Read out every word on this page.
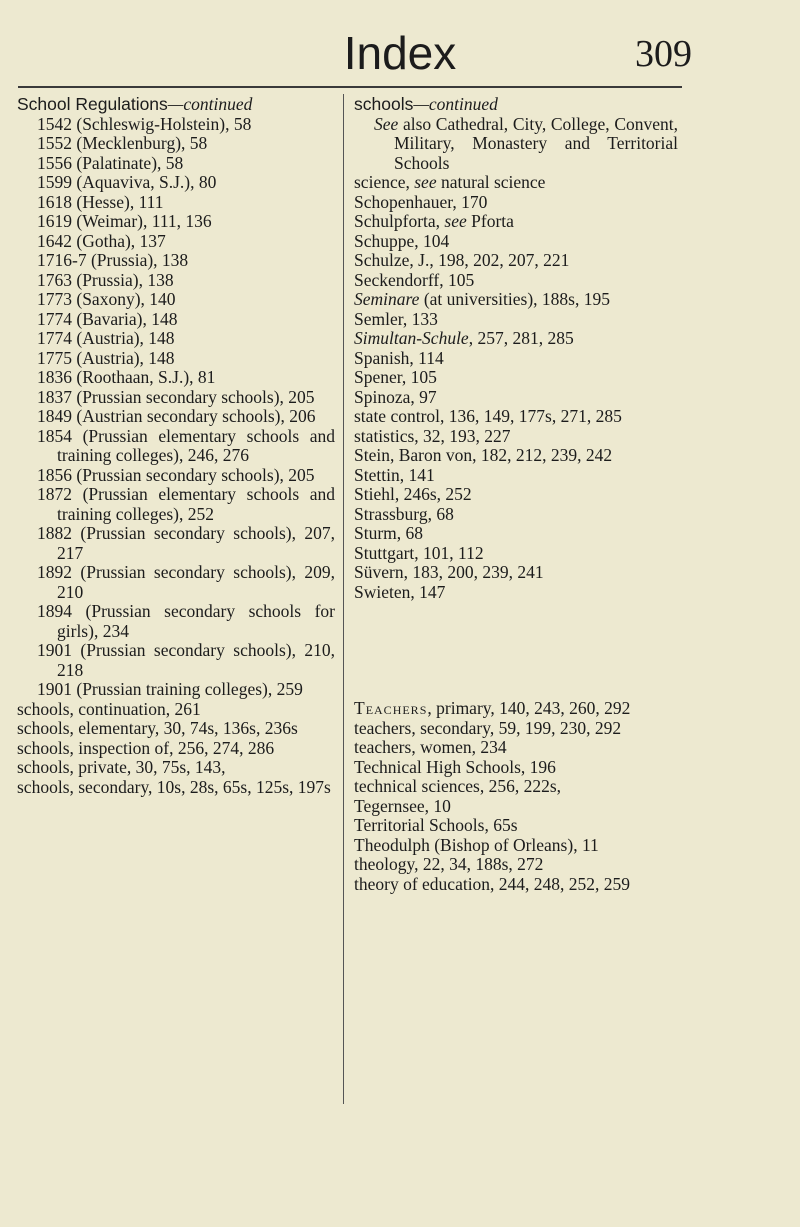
Index	309
School Regulations—continued
1542 (Schleswig-Holstein), 58
1552 (Mecklenburg), 58
1556 (Palatinate), 58
1599 (Aquaviva, S.J.), 80
1618 (Hesse), 111
1619 (Weimar), 111, 136
1642 (Gotha), 137
1716-7 (Prussia), 138
1763 (Prussia), 138
1773 (Saxony), 140
1774 (Bavaria), 148
1774 (Austria), 148
1775 (Austria), 148
1836 (Roothaan, S.J.), 81
1837 (Prussian secondary schools), 205
1849 (Austrian secondary schools), 206
1854 (Prussian elementary schools and training colleges), 246, 276
1856 (Prussian secondary schools), 205
1872 (Prussian elementary schools and training colleges), 252
1882 (Prussian secondary schools), 207, 217
1892 (Prussian secondary schools), 209, 210
1894 (Prussian secondary schools for girls), 234
1901 (Prussian secondary schools), 210, 218
1901 (Prussian training colleges), 259
schools, continuation, 261
schools, elementary, 30, 74s, 136s, 236s
schools, inspection of, 256, 274, 286
schools, private, 30, 75s, 143,
schools, secondary, 10s, 28s, 65s, 125s, 197s
schools—continued
See also Cathedral, City, College, Convent, Military, Monastery and Territorial Schools
science, see natural science
Schopenhauer, 170
Schulpforta, see Pforta
Schuppe, 104
Schulze, J., 198, 202, 207, 221
Seckendorff, 105
Seminare (at universities), 188s, 195
Semler, 133
Simultan-Schule, 257, 281, 285
Spanish, 114
Spener, 105
Spinoza, 97
state control, 136, 149, 177s, 271, 285
statistics, 32, 193, 227
Stein, Baron von, 182, 212, 239, 242
Stettin, 141
Stiehl, 246s, 252
Strassburg, 68
Sturm, 68
Stuttgart, 101, 112
Süvern, 183, 200, 239, 241
Swieten, 147
Teachers, primary, 140, 243, 260, 292
teachers, secondary, 59, 199, 230, 292
teachers, women, 234
Technical High Schools, 196
technical sciences, 256, 222s,
Tegernsee, 10
Territorial Schools, 65s
Theodulph (Bishop of Orleans), 11
theology, 22, 34, 188s, 272
theory of education, 244, 248, 252, 259
